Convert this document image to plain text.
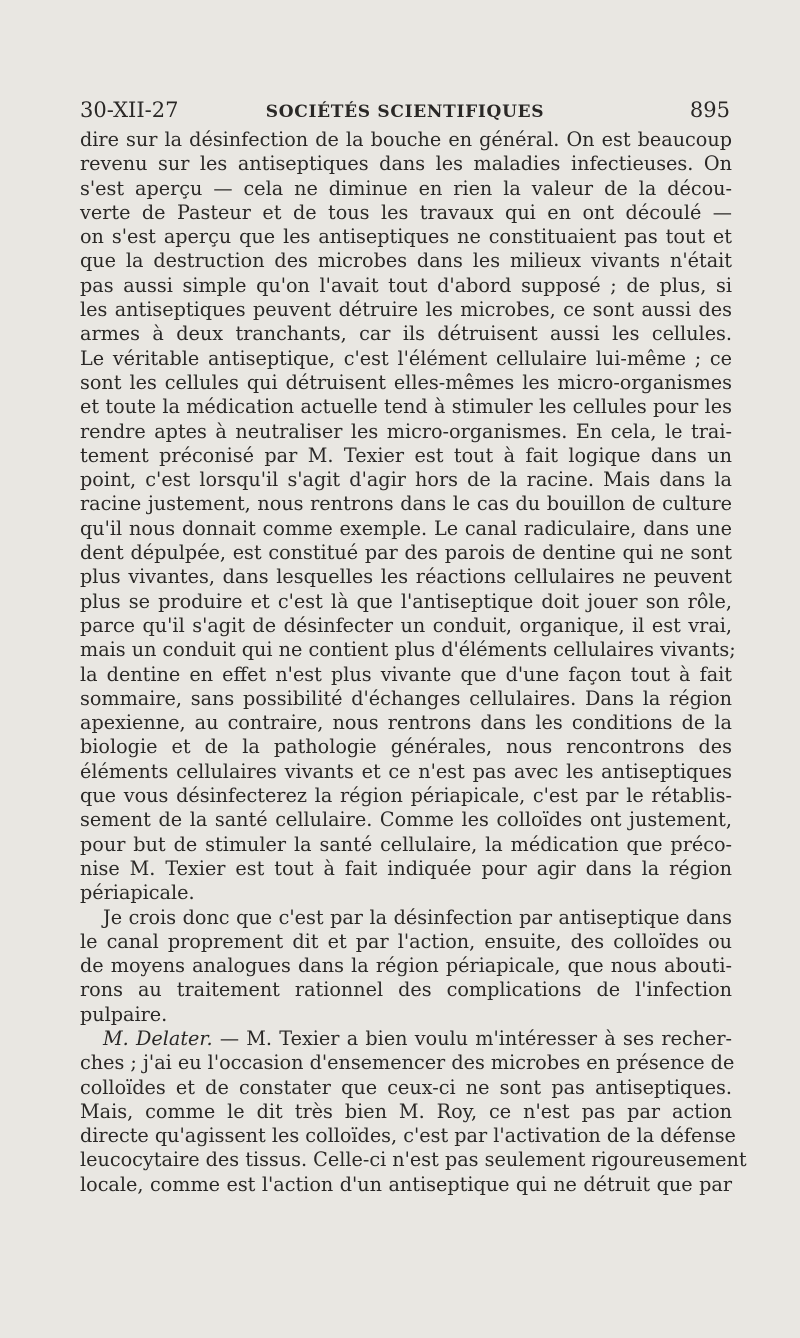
30-XII-27	SOCIÉTÉS SCIENTIFIQUES	895
dire sur la désinfection de la bouche en général. On est beaucoup
revenu sur les antiseptiques dans les maladies infectieuses. On
s'est aperçu — cela ne diminue en rien la valeur de la décou-
verte de Pasteur et de tous les travaux qui en ont découlé —
on s'est aperçu que les antiseptiques ne constituaient pas tout et
que la destruction des microbes dans les milieux vivants n'était
pas aussi simple qu'on l'avait tout d'abord supposé ; de plus, si
les antiseptiques peuvent détruire les microbes, ce sont aussi des
armes à deux tranchants, car ils détruisent aussi les cellules.
Le véritable antiseptique, c'est l'élément cellulaire lui-même ; ce
sont les cellules qui détruisent elles-mêmes les micro-organismes
et toute la médication actuelle tend à stimuler les cellules pour les
rendre aptes à neutraliser les micro-organismes. En cela, le trai-
tement préconisé par M. Texier est tout à fait logique dans un
point, c'est lorsqu'il s'agit d'agir hors de la racine. Mais dans la
racine justement, nous rentrons dans le cas du bouillon de culture
qu'il nous donnait comme exemple. Le canal radiculaire, dans une
dent dépulpée, est constitué par des parois de dentine qui ne sont
plus vivantes, dans lesquelles les réactions cellulaires ne peuvent
plus se produire et c'est là que l'antiseptique doit jouer son rôle,
parce qu'il s'agit de désinfecter un conduit, organique, il est vrai,
mais un conduit qui ne contient plus d'éléments cellulaires vivants;
la dentine en effet n'est plus vivante que d'une façon tout à fait
sommaire, sans possibilité d'échanges cellulaires. Dans la région
apexienne, au contraire, nous rentrons dans les conditions de la
biologie et de la pathologie générales, nous rencontrons des
éléments cellulaires vivants et ce n'est pas avec les antiseptiques
que vous désinfecterez la région périapicale, c'est par le rétablis-
sement de la santé cellulaire. Comme les colloïdes ont justement,
pour but de stimuler la santé cellulaire, la médication que préco-
nise M. Texier est tout à fait indiquée pour agir dans la région
périapicale.
Je crois donc que c'est par la désinfection par antiseptique dans
le canal proprement dit et par l'action, ensuite, des colloïdes ou
de moyens analogues dans la région périapicale, que nous abouti-
rons au traitement rationnel des complications de l'infection
pulpaire.
M. Delater. — M. Texier a bien voulu m'intéresser à ses recher-
ches ; j'ai eu l'occasion d'ensemencer des microbes en présence de
colloïdes et de constater que ceux-ci ne sont pas antiseptiques.
Mais, comme le dit très bien M. Roy, ce n'est pas par action
directe qu'agissent les colloïdes, c'est par l'activation de la défense
leucocytaire des tissus. Celle-ci n'est pas seulement rigoureusement
locale, comme est l'action d'un antiseptique qui ne détruit que par
